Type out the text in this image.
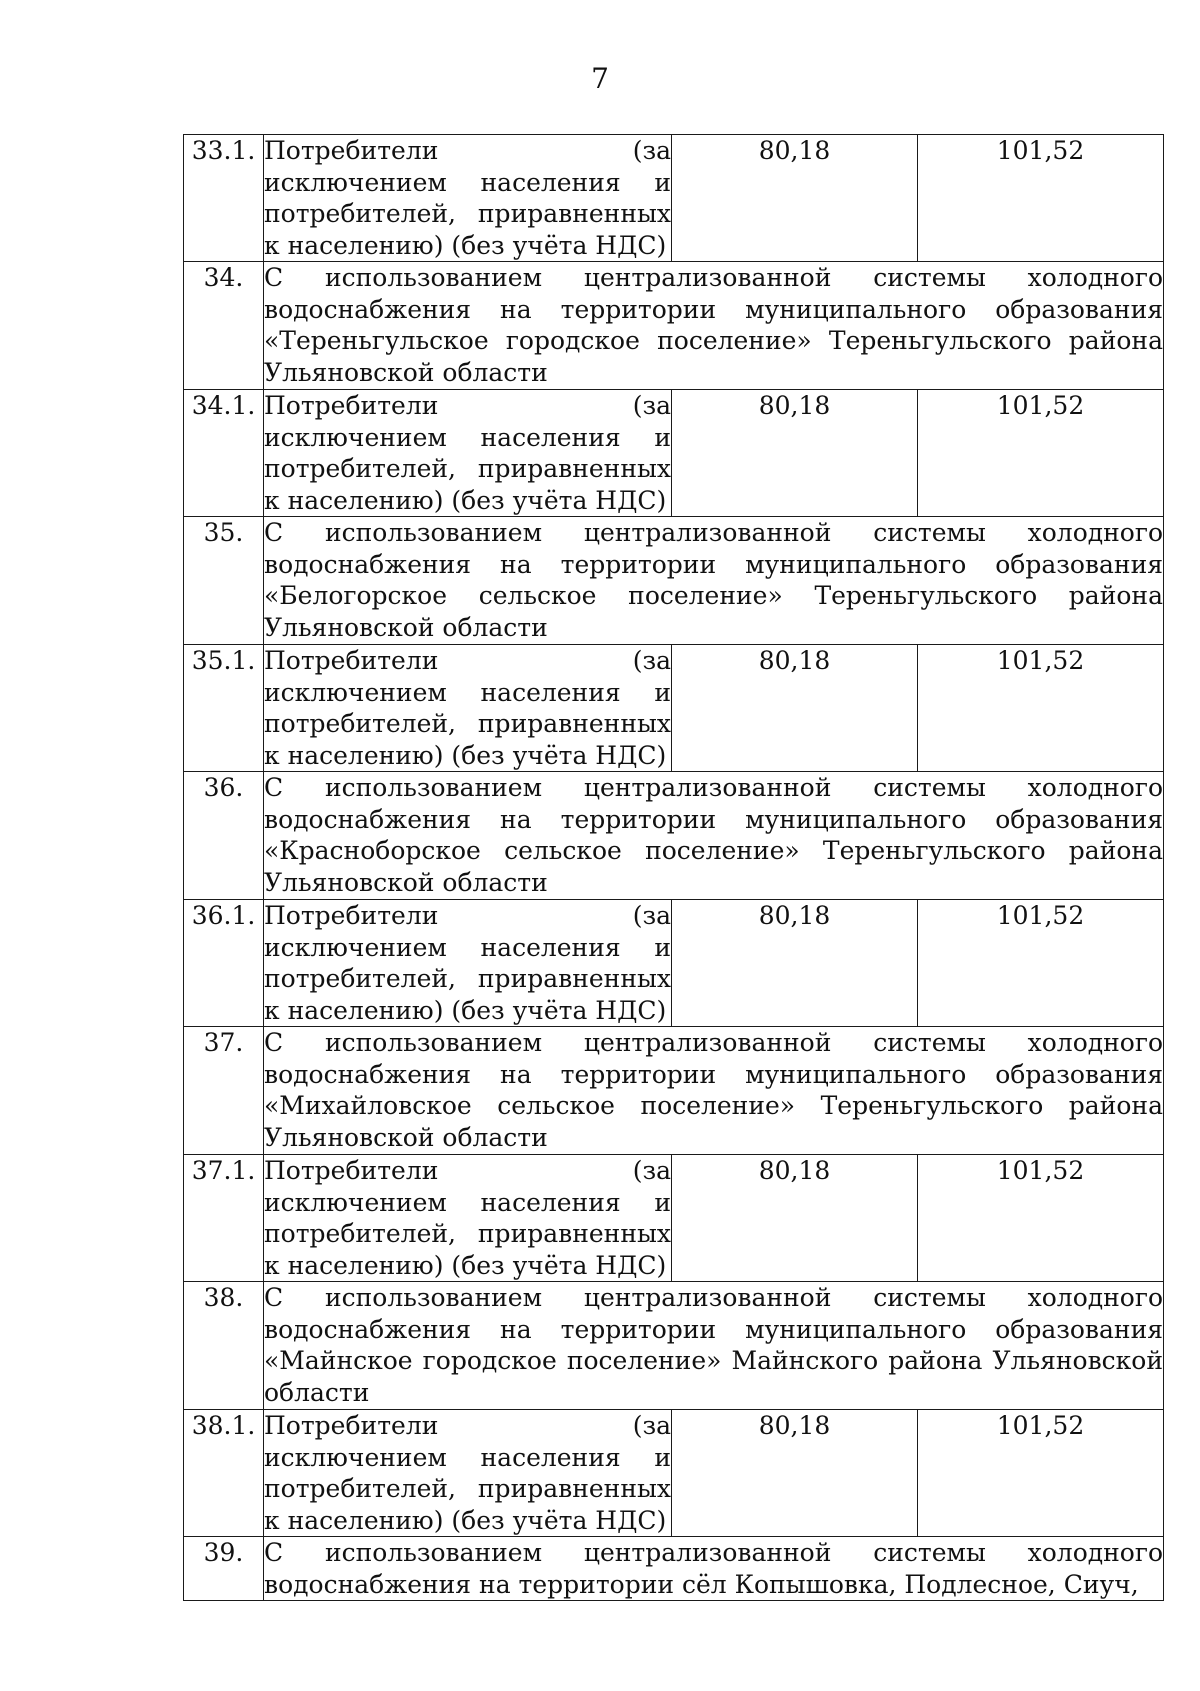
7
33.1.	Потребители (за исключением населения и потребителей, приравненных к населению) (без учёта НДС)	80,18	101,52
34.	С использованием централизованной системы холодного водоснабжения на территории муниципального образования «Тереньгульское городское поселение» Тереньгульского района Ульяновской области		
34.1.	Потребители (за исключением населения и потребителей, приравненных к населению) (без учёта НДС)	80,18	101,52
35.	С использованием централизованной системы холодного водоснабжения на территории муниципального образования «Белогорское сельское поселение» Тереньгульского района Ульяновской области		
35.1.	Потребители (за исключением населения и потребителей, приравненных к населению) (без учёта НДС)	80,18	101,52
36.	С использованием централизованной системы холодного водоснабжения на территории муниципального образования «Красноборское сельское поселение» Тереньгульского района Ульяновской области		
36.1.	Потребители (за исключением населения и потребителей, приравненных к населению) (без учёта НДС)	80,18	101,52
37.	С использованием централизованной системы холодного водоснабжения на территории муниципального образования «Михайловское сельское поселение» Тереньгульского района Ульяновской области		
37.1.	Потребители (за исключением населения и потребителей, приравненных к населению) (без учёта НДС)	80,18	101,52
38.	С использованием централизованной системы холодного водоснабжения на территории муниципального образования «Майнское городское поселение» Майнского района Ульяновской области		
38.1.	Потребители (за исключением населения и потребителей, приравненных к населению) (без учёта НДС)	80,18	101,52
39.	С использованием централизованной системы холодного водоснабжения на территории сёл Копышовка, Подлесное, Сиуч,		
